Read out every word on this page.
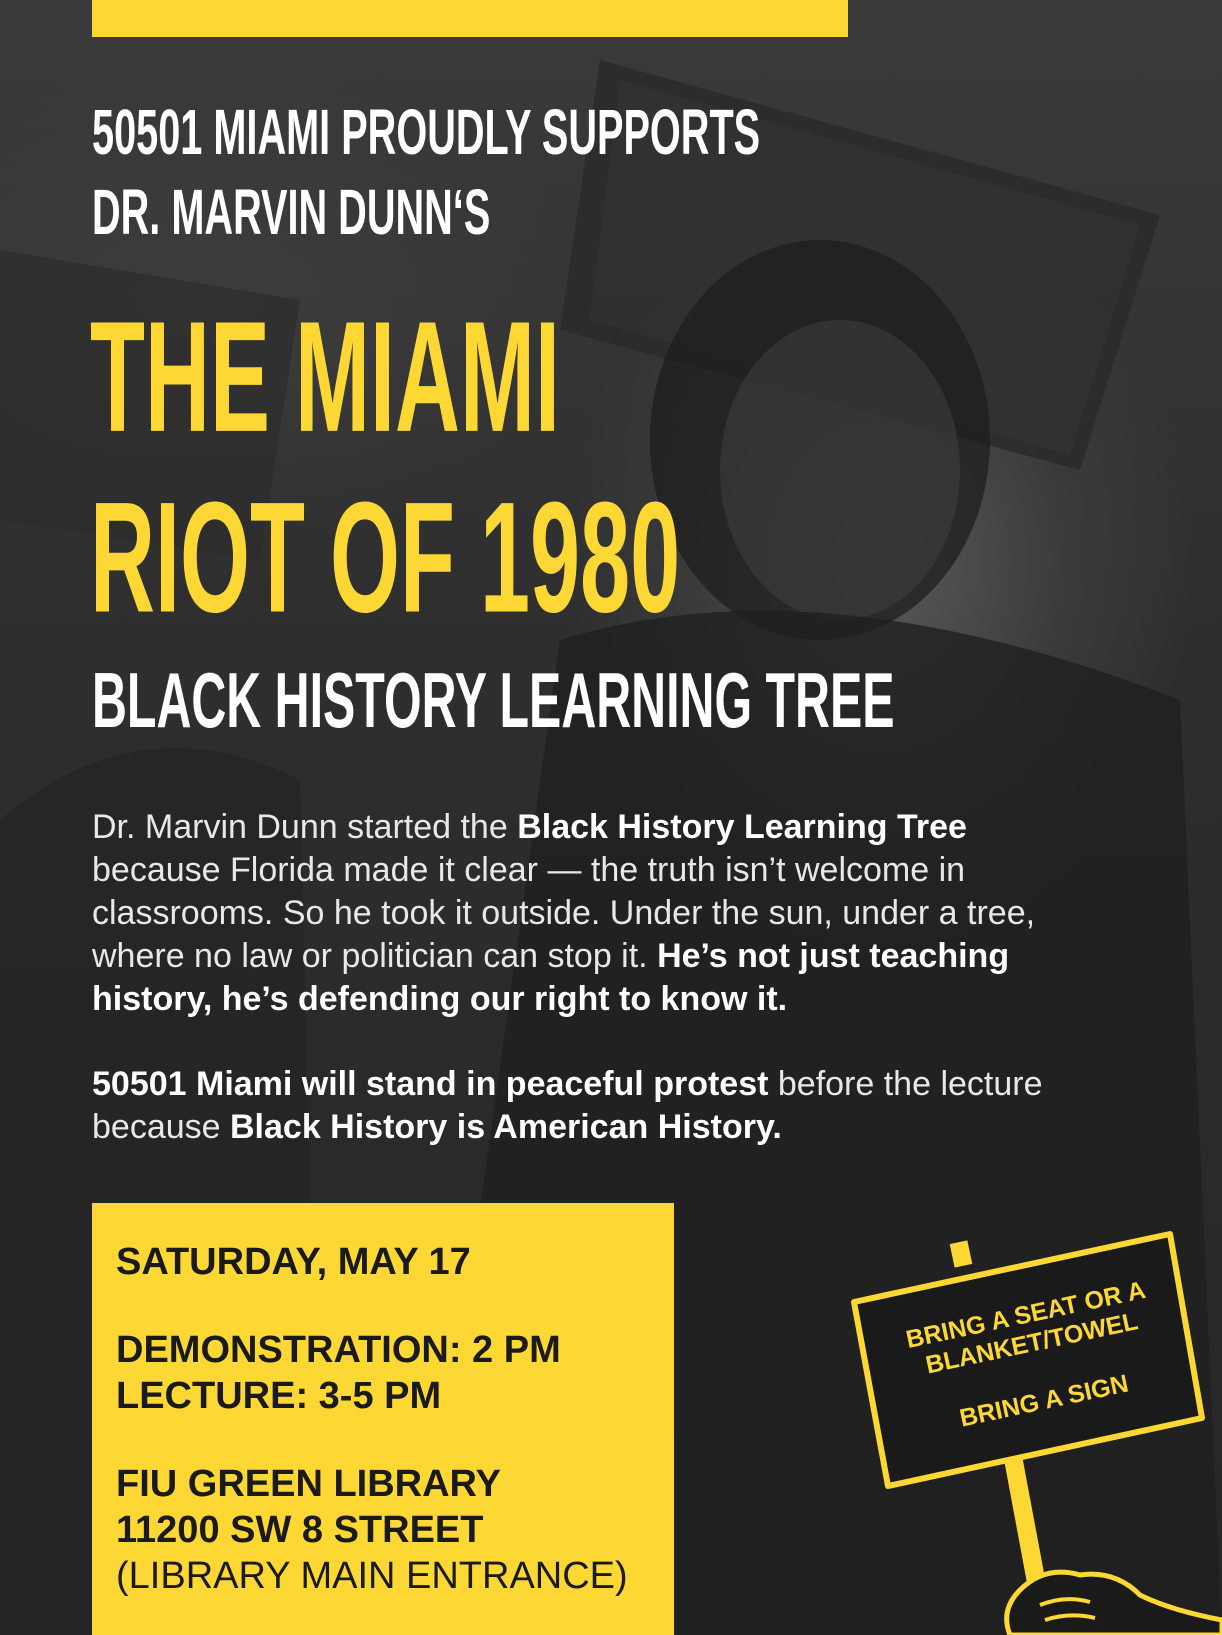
50501 MIAMI PROUDLY SUPPORTS
DR. MARVIN DUNN‘S
THE MIAMI
RIOT OF 1980
BLACK HISTORY LEARNING TREE

Dr. Marvin Dunn started the Black History Learning Tree because Florida made it clear — the truth isn’t welcome in classrooms. So he took it outside. Under the sun, under a tree, where no law or politician can stop it. He’s not just teaching history, he’s defending our right to know it.

50501 Miami will stand in peaceful protest before the lecture because Black History is American History.

SATURDAY, MAY 17
DEMONSTRATION: 2 PM
LECTURE: 3-5 PM
FIU GREEN LIBRARY
11200 SW 8 STREET
(LIBRARY MAIN ENTRANCE)
BRING A SEAT OR A BLANKET/TOWEL
BRING A SIGN
